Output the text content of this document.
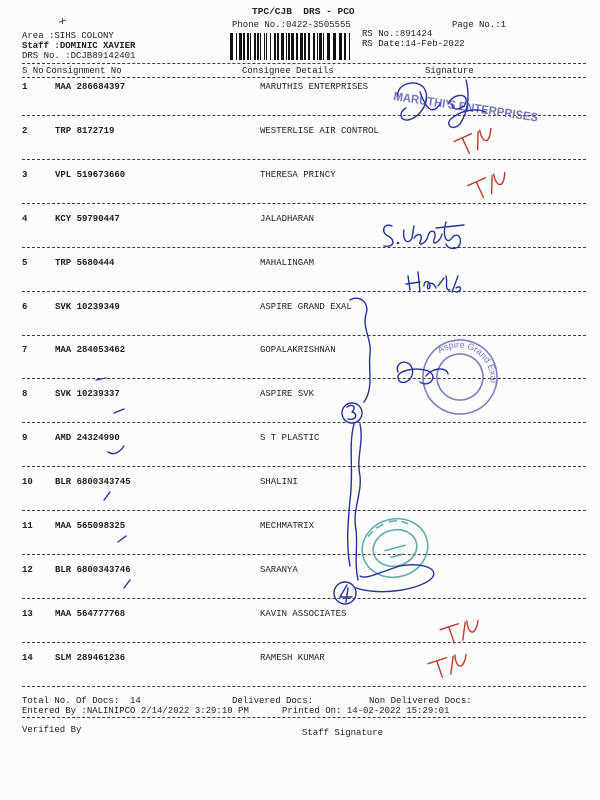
TPC/CJB  DRS - PCO
Phone No.:0422-3505555	Page No.:1
Area :SIHS COLONY
Staff :DOMINIC XAVIER
DRS No. :DCJB89142401
RS No.:891424
RS Date:14-Feb-2022
S No Consignment No	Consignee Details	Signature
1	MAA 286684397	MARUTHIS ENTERPRISES
2	TRP 8172719	WESTERLISE AIR CONTROL
3	VPL 519673660	THERESA PRINCY
4	KCY 59790447	JALADHARAN
5	TRP 5680444	MAHALINGAM
6	SVK 10239349	ASPIRE GRAND EXAL
7	MAA 284053462	GOPALAKRISHNAN
8	SVK 10239337	ASPIRE SVK
9	AMD 24324990	S T PLASTIC
10 BLR 6800343745	SHALINI
11 MAA 565098325	MECHMATRIX
12 BLR 6800343746	SARANYA
13 MAA 564777768	KAVIN ASSOCIATES
14 SLM 289461236	RAMESH KUMAR
Total No. Of Docs: 14	Delivered Docs:	Non Delivered Docs:
Entered By :NALINIPCO 2/14/2022 3:29:10 PM	Printed On: 14-02-2022 15:29:01
Verified By	Staff Signature
MARUTHI'S ENTERPRISES
Aspire Grand Exal
